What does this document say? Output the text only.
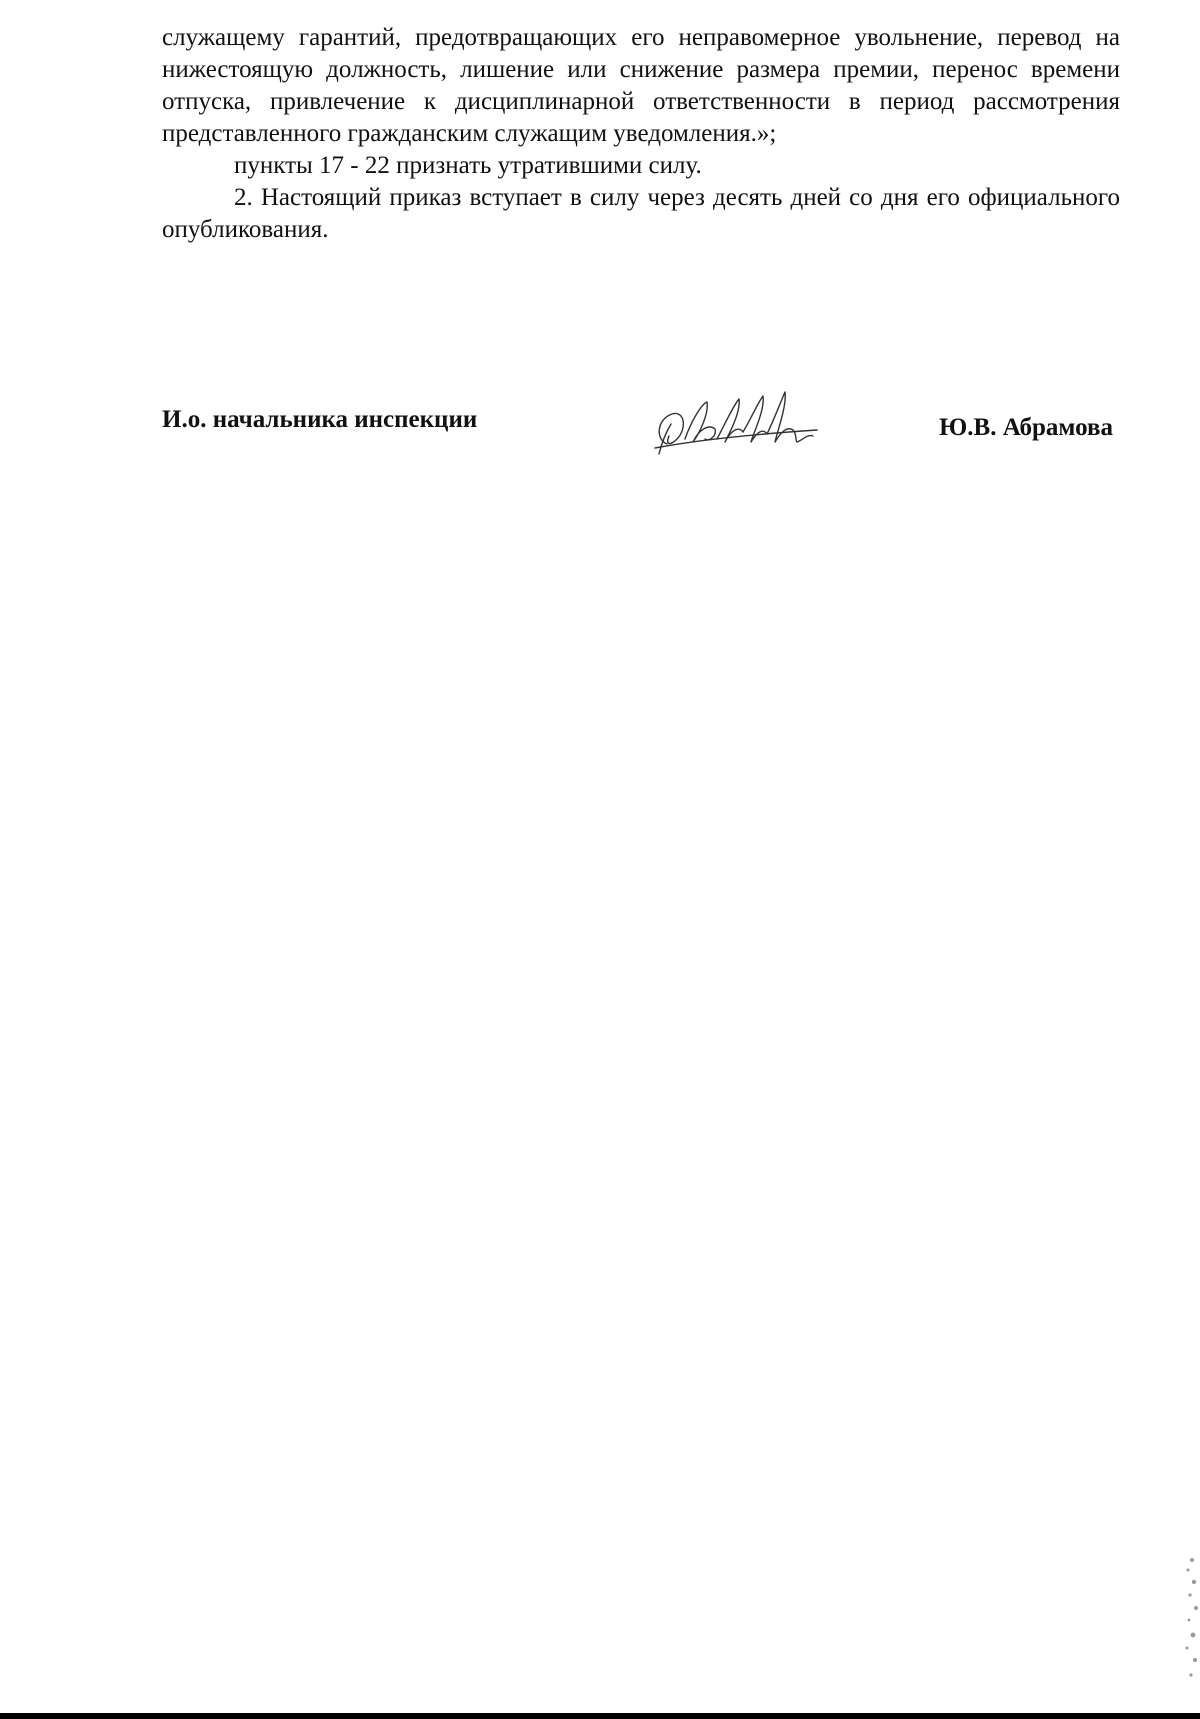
служащему гарантий, предотвращающих его неправомерное увольнение, перевод на нижестоящую должность, лишение или снижение размера премии, перенос времени отпуска, привлечение к дисциплинарной ответственности в период рассмотрения представленного гражданским служащим уведомления.»;

пункты 17 - 22 признать утратившими силу.

2. Настоящий приказ вступает в силу через десять дней со дня его официального опубликования.

И.о. начальника инспекции	Ю.В. Абрамова
